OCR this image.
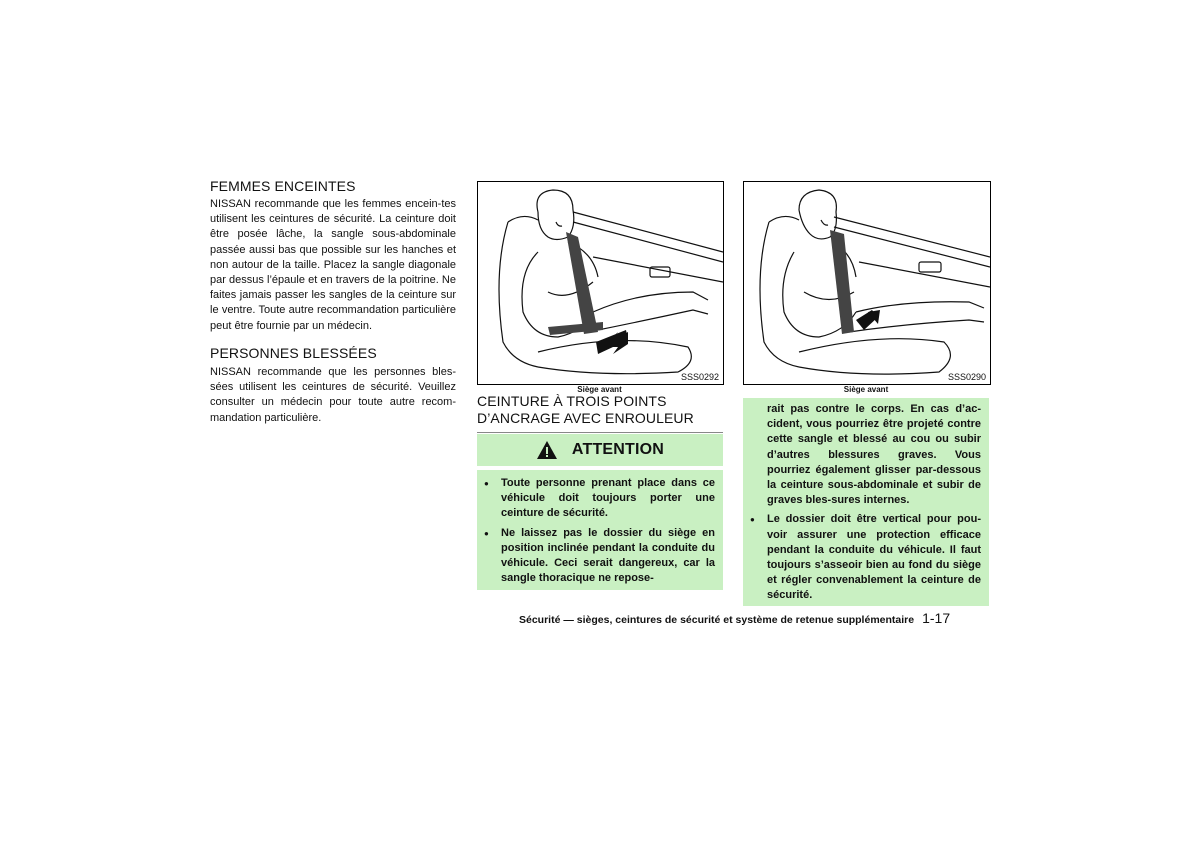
FEMMES ENCEINTES
NISSAN recommande que les femmes encein-tes utilisent les ceintures de sécurité. La ceinture doit être posée lâche, la sangle sous-abdominale passée aussi bas que possible sur les hanches et non autour de la taille. Placez la sangle diagonale par dessus l’épaule et en travers de la poitrine. Ne faites jamais passer les sangles de la ceinture sur le ventre. Toute autre recommandation particulière peut être fournie par un médecin.
PERSONNES BLESSÉES
NISSAN recommande que les personnes bles-sées utilisent les ceintures de sécurité. Veuillez consulter un médecin pour toute autre recom-mandation particulière.
SSS0292
Siège avant
SSS0290
Siège avant
CEINTURE À TROIS POINTS
D’ANCRAGE AVEC ENROULEUR
ATTENTION
● Toute personne prenant place dans ce véhicule doit toujours porter une ceinture de sécurité.
● Ne laissez pas le dossier du siège en position inclinée pendant la conduite du véhicule. Ceci serait dangereux, car la sangle thoracique ne repose-
rait pas contre le corps. En cas d’ac-cident, vous pourriez être projeté contre cette sangle et blessé au cou ou subir d’autres blessures graves. Vous pourriez également glisser par-dessous la ceinture sous-abdominale et subir de graves bles-sures internes.
● Le dossier doit être vertical pour pou-voir assurer une protection efficace pendant la conduite du véhicule. Il faut toujours s’asseoir bien au fond du siège et régler convenablement la ceinture de sécurité.
Sécurité — sièges, ceintures de sécurité et système de retenue supplémentaire 1-17
